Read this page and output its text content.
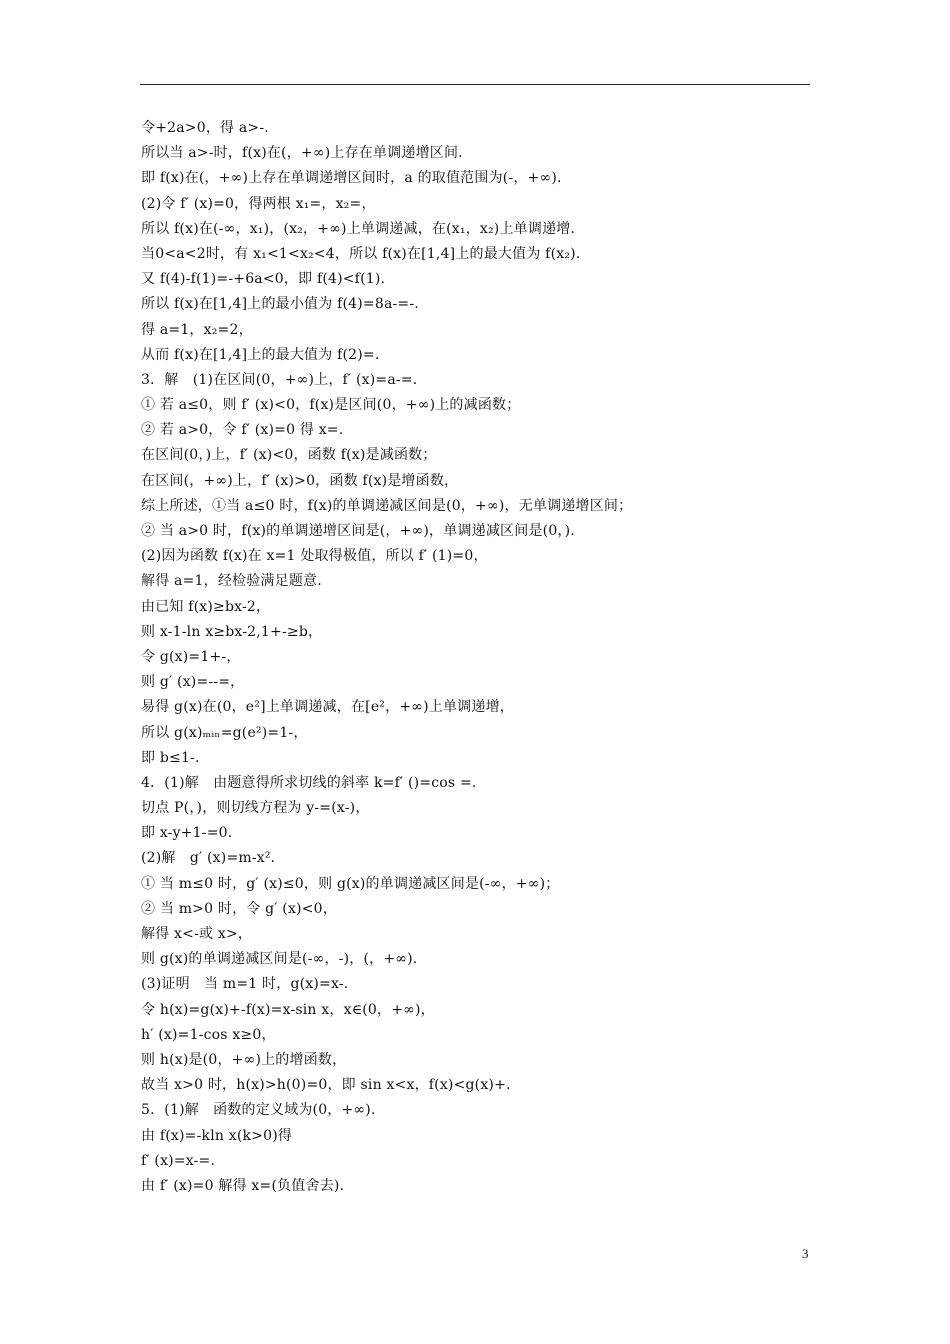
令+2a>0，得 a>-.
所以当 a>-时，f(x)在(，+∞)上存在单调递增区间.
即 f(x)在(，+∞)上存在单调递增区间时，a 的取值范围为(-，+∞).
(2)令 f′ (x)=0，得两根 x₁=，x₂=，
所以 f(x)在(-∞，x₁)，(x₂，+∞)上单调递减，在(x₁，x₂)上单调递增.
当0<a<2时，有 x₁<1<x₂<4，所以 f(x)在[1,4]上的最大值为 f(x₂).
又 f(4)-f(1)=-+6a<0，即 f(4)<f(1).
所以 f(x)在[1,4]上的最小值为 f(4)=8a-=-.
得 a=1，x₂=2，
从而 f(x)在[1,4]上的最大值为 f(2)=.
3．解　(1)在区间(0，+∞)上，f′ (x)=a-=.
① 若 a≤0，则 f′ (x)<0，f(x)是区间(0，+∞)上的减函数；
② 若 a>0，令 f′ (x)=0 得 x=.
在区间(0，)上，f′ (x)<0，函数 f(x)是减函数；
在区间(，+∞)上，f′ (x)>0，函数 f(x)是增函数，
综上所述，①当 a≤0 时，f(x)的单调递减区间是(0，+∞)，无单调递增区间；
② 当 a>0 时，f(x)的单调递增区间是(，+∞)，单调递减区间是(0，).
(2)因为函数 f(x)在 x=1 处取得极值，所以 f′ (1)=0，
解得 a=1，经检验满足题意.
由已知 f(x)≥bx-2，
则 x-1-ln x≥bx-2,1+-≥b，
令 g(x)=1+-，
则 g′ (x)=--=，
易得 g(x)在(0，e²]上单调递减，在[e²，+∞)上单调递增，
所以 g(x)ₘᵢₙ=g(e²)=1-，
即 b≤1-.
4．(1)解　由题意得所求切线的斜率 k=f′ ()=cos =.
切点 P(，)，则切线方程为 y-=(x-)，
即 x-y+1-=0.
(2)解　g′ (x)=m-x².
① 当 m≤0 时，g′ (x)≤0，则 g(x)的单调递减区间是(-∞，+∞)；
② 当 m>0 时，令 g′ (x)<0，
解得 x<-或 x>，
则 g(x)的单调递减区间是(-∞，-)，(，+∞).
(3)证明　当 m=1 时，g(x)=x-.
令 h(x)=g(x)+-f(x)=x-sin x，x∈(0，+∞)，
h′ (x)=1-cos x≥0，
则 h(x)是(0，+∞)上的增函数，
故当 x>0 时，h(x)>h(0)=0，即 sin x<x，f(x)<g(x)+.
5．(1)解　函数的定义域为(0，+∞).
由 f(x)=-kln x(k>0)得
f′ (x)=x-=.
由 f′ (x)=0 解得 x=(负值舍去).
3
